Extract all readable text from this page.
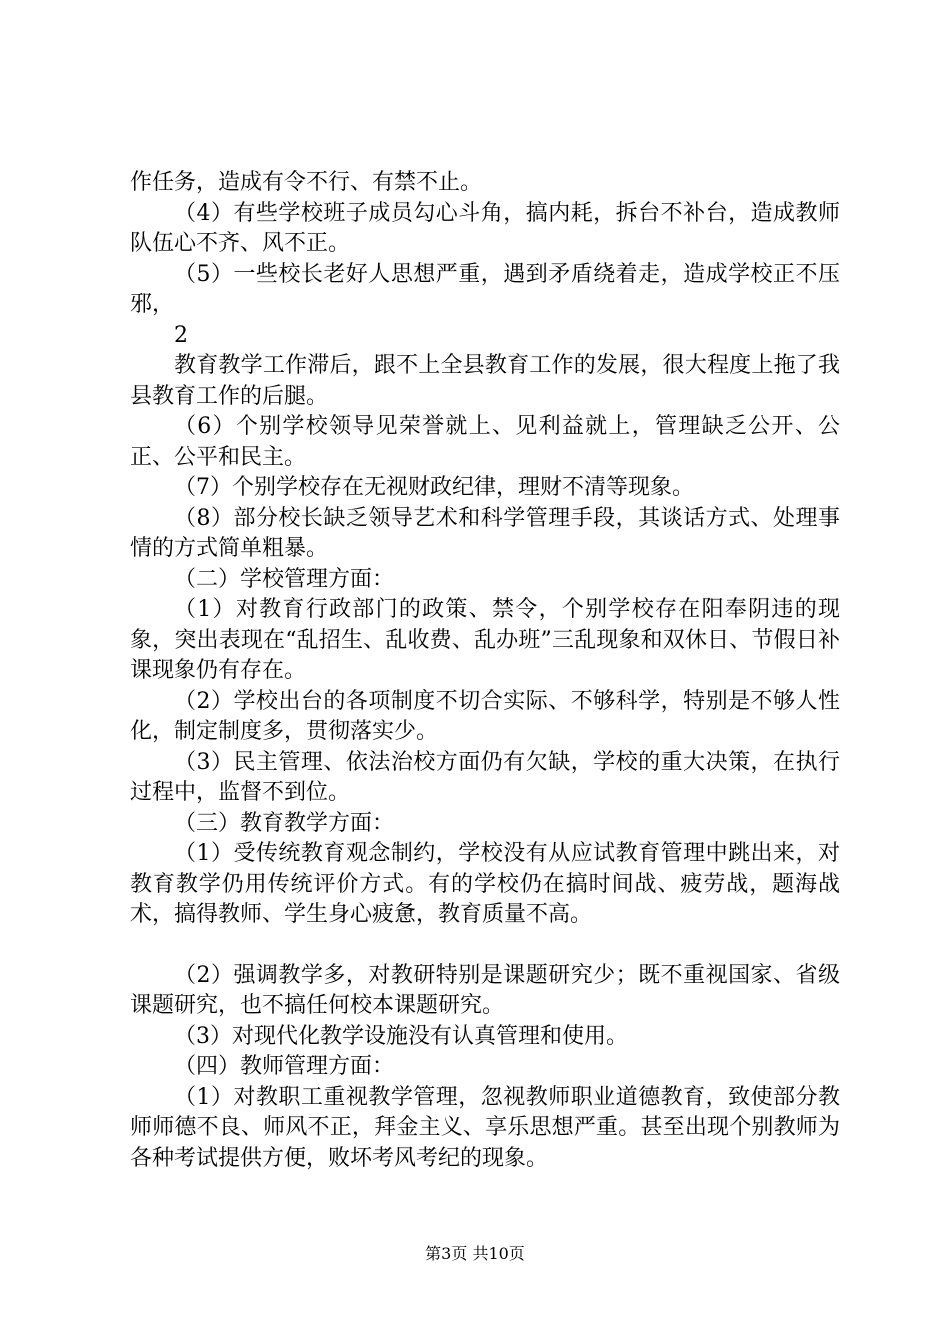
作任务，造成有令不行、有禁不止。

（4）有些学校班子成员勾心斗角，搞内耗，拆台不补台，造成教师队伍心不齐、风不正。

（5）一些校长老好人思想严重，遇到矛盾绕着走，造成学校正不压邪，

2

教育教学工作滞后，跟不上全县教育工作的发展，很大程度上拖了我县教育工作的后腿。

（6）个别学校领导见荣誉就上、见利益就上，管理缺乏公开、公正、公平和民主。

（7）个别学校存在无视财政纪律，理财不清等现象。

（8）部分校长缺乏领导艺术和科学管理手段，其谈话方式、处理事情的方式简单粗暴。

（二）学校管理方面：

（1）对教育行政部门的政策、禁令，个别学校存在阳奉阴违的现象，突出表现在“乱招生、乱收费、乱办班”三乱现象和双休日、节假日补课现象仍有存在。

（2）学校出台的各项制度不切合实际、不够科学，特别是不够人性化，制定制度多，贯彻落实少。

（3）民主管理、依法治校方面仍有欠缺，学校的重大决策，在执行过程中，监督不到位。

（三）教育教学方面：

（1）受传统教育观念制约，学校没有从应试教育管理中跳出来，对教育教学仍用传统评价方式。有的学校仍在搞时间战、疲劳战，题海战术，搞得教师、学生身心疲惫，教育质量不高。

（2）强调教学多，对教研特别是课题研究少；既不重视国家、省级课题研究，也不搞任何校本课题研究。

（3）对现代化教学设施没有认真管理和使用。

（四）教师管理方面：

（1）对教职工重视教学管理，忽视教师职业道德教育，致使部分教师师德不良、师风不正，拜金主义、享乐思想严重。甚至出现个别教师为各种考试提供方便，败坏考风考纪的现象。

第3页 共10页
